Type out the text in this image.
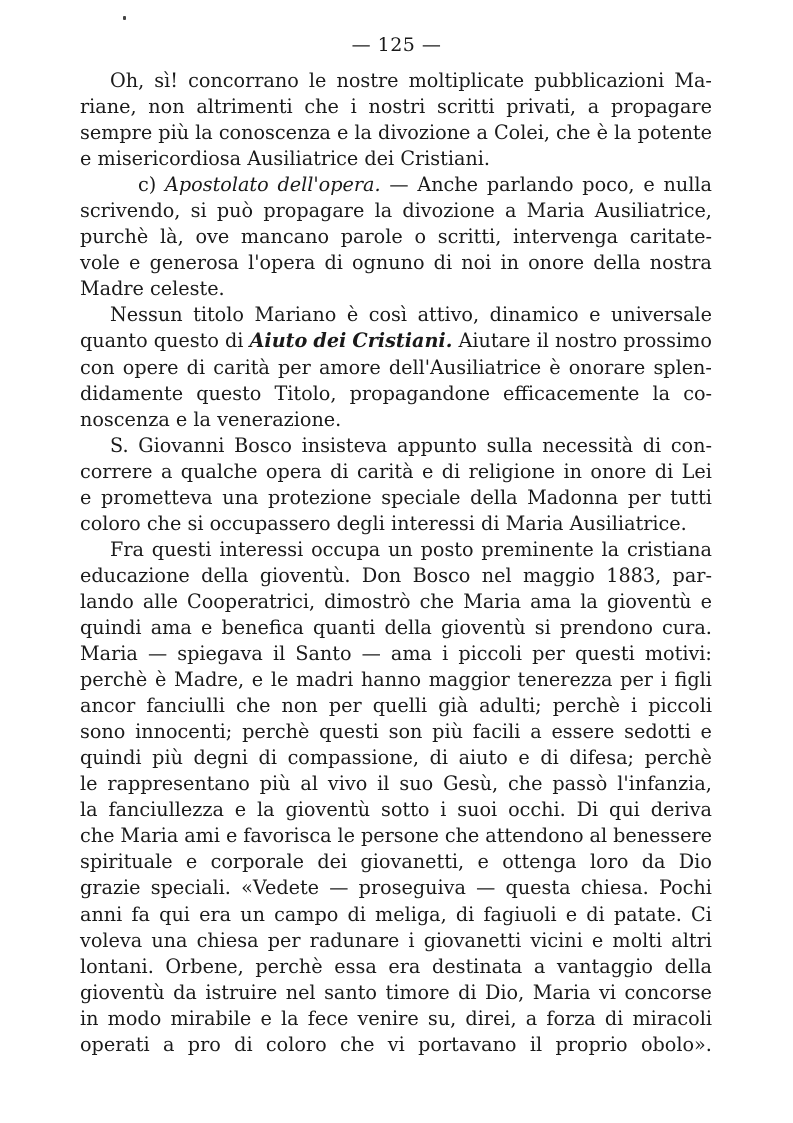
— 125 —
Oh, sì! concorrano le nostre moltiplicate pubblicazioni Ma-
riane, non altrimenti che i nostri scritti privati, a propagare
sempre più la conoscenza e la divozione a Colei, che è la potente
e misericordiosa Ausiliatrice dei Cristiani.
c) Apostolato dell'opera. — Anche parlando poco, e nulla
scrivendo, si può propagare la divozione a Maria Ausiliatrice,
purchè là, ove mancano parole o scritti, intervenga caritate-
vole e generosa l'opera di ognuno di noi in onore della nostra
Madre celeste.
Nessun titolo Mariano è così attivo, dinamico e universale
quanto questo di Aiuto dei Cristiani. Aiutare il nostro prossimo
con opere di carità per amore dell'Ausiliatrice è onorare splen-
didamente questo Titolo, propagandone efficacemente la co-
noscenza e la venerazione.
S. Giovanni Bosco insisteva appunto sulla necessità di con-
correre a qualche opera di carità e di religione in onore di Lei
e prometteva una protezione speciale della Madonna per tutti
coloro che si occupassero degli interessi di Maria Ausiliatrice.
Fra questi interessi occupa un posto preminente la cristiana
educazione della gioventù. Don Bosco nel maggio 1883, par-
lando alle Cooperatrici, dimostrò che Maria ama la gioventù e
quindi ama e benefica quanti della gioventù si prendono cura.
Maria — spiegava il Santo — ama i piccoli per questi motivi:
perchè è Madre, e le madri hanno maggior tenerezza per i figli
ancor fanciulli che non per quelli già adulti; perchè i piccoli
sono innocenti; perchè questi son più facili a essere sedotti e
quindi più degni di compassione, di aiuto e di difesa; perchè
le rappresentano più al vivo il suo Gesù, che passò l'infanzia,
la fanciullezza e la gioventù sotto i suoi occhi. Di qui deriva
che Maria ami e favorisca le persone che attendono al benessere
spirituale e corporale dei giovanetti, e ottenga loro da Dio
grazie speciali. «Vedete — proseguiva — questa chiesa. Pochi
anni fa qui era un campo di meliga, di fagiuoli e di patate. Ci
voleva una chiesa per radunare i giovanetti vicini e molti altri
lontani. Orbene, perchè essa era destinata a vantaggio della
gioventù da istruire nel santo timore di Dio, Maria vi concorse
in modo mirabile e la fece venire su, direi, a forza di miracoli
operati a pro di coloro che vi portavano il proprio obolo».
